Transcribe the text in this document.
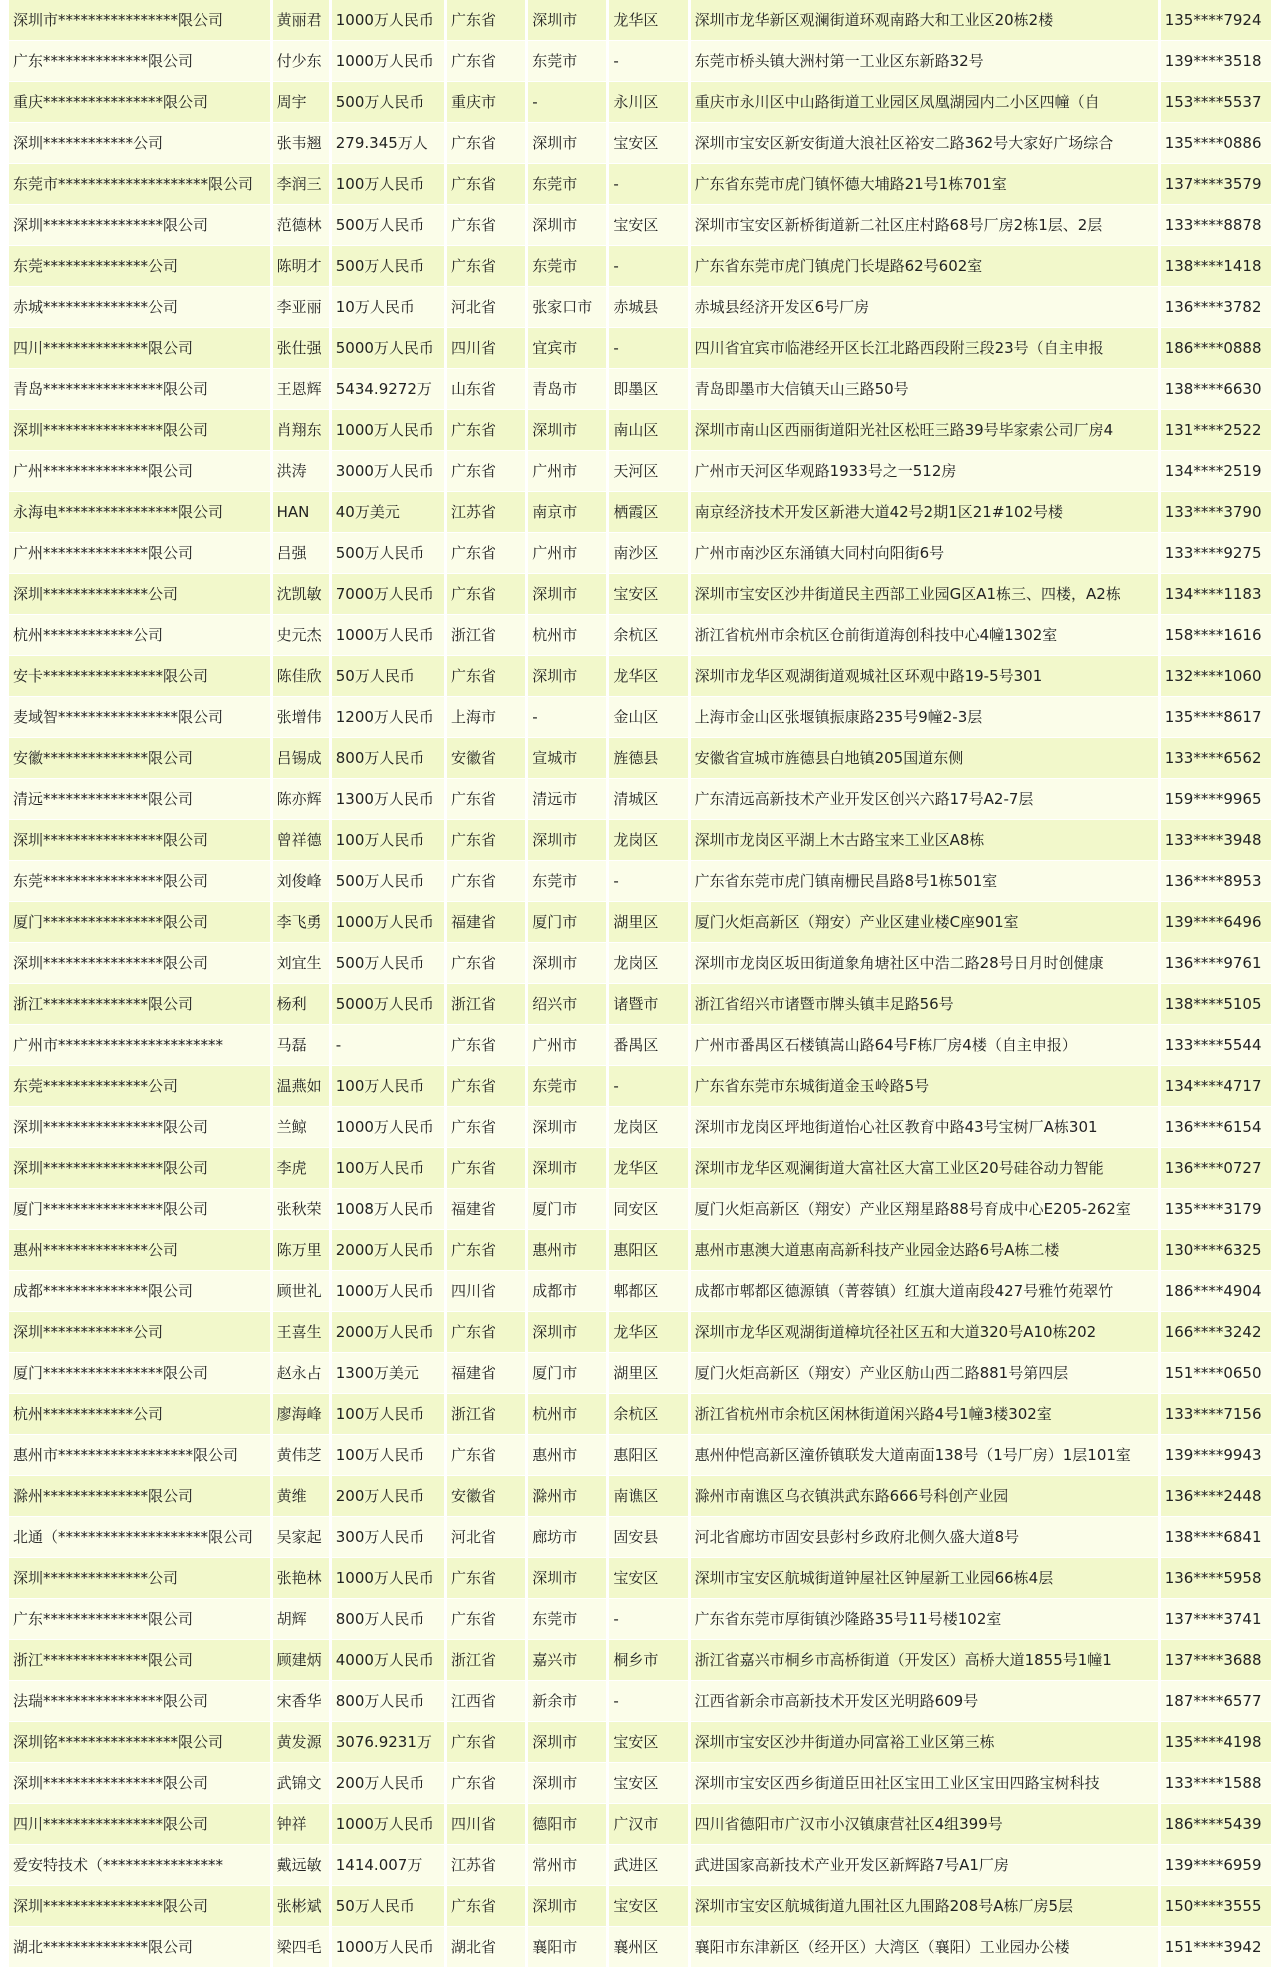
深圳市****************限公司	黄丽君	1000万人民币	广东省	深圳市	龙华区	深圳市龙华新区观澜街道环观南路大和工业区20栋2楼	135****7924
广东**************限公司	付少东	1000万人民币	广东省	东莞市	-	东莞市桥头镇大洲村第一工业区东新路32号	139****3518
重庆****************限公司	周宇	500万人民币	重庆市	-	永川区	重庆市永川区中山路街道工业园区凤凰湖园内二小区四幢（自	153****5537
深圳************公司	张韦翘	279.345万人	广东省	深圳市	宝安区	深圳市宝安区新安街道大浪社区裕安二路362号大家好广场综合	135****0886
东莞市********************限公司	李润三	100万人民币	广东省	东莞市	-	广东省东莞市虎门镇怀德大埔路21号1栋701室	137****3579
深圳****************限公司	范德林	500万人民币	广东省	深圳市	宝安区	深圳市宝安区新桥街道新二社区庄村路68号厂房2栋1层、2层	133****8878
东莞**************公司	陈明才	500万人民币	广东省	东莞市	-	广东省东莞市虎门镇虎门长堤路62号602室	138****1418
赤城**************公司	李亚丽	10万人民币	河北省	张家口市	赤城县	赤城县经济开发区6号厂房	136****3782
四川**************限公司	张仕强	5000万人民币	四川省	宜宾市	-	四川省宜宾市临港经开区长江北路西段附三段23号（自主申报	186****0888
青岛****************限公司	王恩辉	5434.9272万	山东省	青岛市	即墨区	青岛即墨市大信镇天山三路50号	138****6630
深圳****************限公司	肖翔东	1000万人民币	广东省	深圳市	南山区	深圳市南山区西丽街道阳光社区松旺三路39号毕家索公司厂房4	131****2522
广州**************限公司	洪涛	3000万人民币	广东省	广州市	天河区	广州市天河区华观路1933号之一512房	134****2519
永海电****************限公司	HAN	40万美元	江苏省	南京市	栖霞区	南京经济技术开发区新港大道42号2期1区21#102号楼	133****3790
广州**************限公司	吕强	500万人民币	广东省	广州市	南沙区	广州市南沙区东涌镇大同村向阳街6号	133****9275
深圳**************公司	沈凯敏	7000万人民币	广东省	深圳市	宝安区	深圳市宝安区沙井街道民主西部工业园G区A1栋三、四楼，A2栋	134****1183
杭州************公司	史元杰	1000万人民币	浙江省	杭州市	余杭区	浙江省杭州市余杭区仓前街道海创科技中心4幢1302室	158****1616
安卡****************限公司	陈佳欣	50万人民币	广东省	深圳市	龙华区	深圳市龙华区观湖街道观城社区环观中路19-5号301	132****1060
麦域智****************限公司	张增伟	1200万人民币	上海市	-	金山区	上海市金山区张堰镇振康路235号9幢2-3层	135****8617
安徽**************限公司	吕锡成	800万人民币	安徽省	宣城市	旌德县	安徽省宣城市旌德县白地镇205国道东侧	133****6562
清远**************限公司	陈亦辉	1300万人民币	广东省	清远市	清城区	广东清远高新技术产业开发区创兴六路17号A2-7层	159****9965
深圳****************限公司	曾祥德	100万人民币	广东省	深圳市	龙岗区	深圳市龙岗区平湖上木古路宝来工业区A8栋	133****3948
东莞****************限公司	刘俊峰	500万人民币	广东省	东莞市	-	广东省东莞市虎门镇南栅民昌路8号1栋501室	136****8953
厦门****************限公司	李飞勇	1000万人民币	福建省	厦门市	湖里区	厦门火炬高新区（翔安）产业区建业楼C座901室	139****6496
深圳****************限公司	刘宜生	500万人民币	广东省	深圳市	龙岗区	深圳市龙岗区坂田街道象角塘社区中浩二路28号日月时创健康	136****9761
浙江**************限公司	杨利	5000万人民币	浙江省	绍兴市	诸暨市	浙江省绍兴市诸暨市牌头镇丰足路56号	138****5105
广州市**********************	马磊	-	广东省	广州市	番禺区	广州市番禺区石楼镇嵩山路64号F栋厂房4楼（自主申报）	133****5544
东莞**************公司	温燕如	100万人民币	广东省	东莞市	-	广东省东莞市东城街道金玉岭路5号	134****4717
深圳****************限公司	兰鲸	1000万人民币	广东省	深圳市	龙岗区	深圳市龙岗区坪地街道怡心社区教育中路43号宝树厂A栋301	136****6154
深圳****************限公司	李虎	100万人民币	广东省	深圳市	龙华区	深圳市龙华区观澜街道大富社区大富工业区20号硅谷动力智能	136****0727
厦门****************限公司	张秋荣	1008万人民币	福建省	厦门市	同安区	厦门火炬高新区（翔安）产业区翔星路88号育成中心E205-262室	135****3179
惠州**************公司	陈万里	2000万人民币	广东省	惠州市	惠阳区	惠州市惠澳大道惠南高新科技产业园金达路6号A栋二楼	130****6325
成都**************限公司	顾世礼	1000万人民币	四川省	成都市	郫都区	成都市郫都区德源镇（菁蓉镇）红旗大道南段427号雅竹苑翠竹	186****4904
深圳************公司	王喜生	2000万人民币	广东省	深圳市	龙华区	深圳市龙华区观湖街道樟坑径社区五和大道320号A10栋202	166****3242
厦门****************限公司	赵永占	1300万美元	福建省	厦门市	湖里区	厦门火炬高新区（翔安）产业区舫山西二路881号第四层	151****0650
杭州************公司	廖海峰	100万人民币	浙江省	杭州市	余杭区	浙江省杭州市余杭区闲林街道闲兴路4号1幢3楼302室	133****7156
惠州市******************限公司	黄伟芝	100万人民币	广东省	惠州市	惠阳区	惠州仲恺高新区潼侨镇联发大道南面138号（1号厂房）1层101室	139****9943
滁州**************限公司	黄维	200万人民币	安徽省	滁州市	南谯区	滁州市南谯区乌衣镇洪武东路666号科创产业园	136****2448
北通（********************限公司	吴家起	300万人民币	河北省	廊坊市	固安县	河北省廊坊市固安县彭村乡政府北侧久盛大道8号	138****6841
深圳**************公司	张艳林	1000万人民币	广东省	深圳市	宝安区	深圳市宝安区航城街道钟屋社区钟屋新工业园66栋4层	136****5958
广东**************限公司	胡辉	800万人民币	广东省	东莞市	-	广东省东莞市厚街镇沙隆路35号11号楼102室	137****3741
浙江**************限公司	顾建炳	4000万人民币	浙江省	嘉兴市	桐乡市	浙江省嘉兴市桐乡市高桥街道（开发区）高桥大道1855号1幢1	137****3688
法瑞****************限公司	宋香华	800万人民币	江西省	新余市	-	江西省新余市高新技术开发区光明路609号	187****6577
深圳铭****************限公司	黄发源	3076.9231万	广东省	深圳市	宝安区	深圳市宝安区沙井街道办同富裕工业区第三栋	135****4198
深圳****************限公司	武锦文	200万人民币	广东省	深圳市	宝安区	深圳市宝安区西乡街道臣田社区宝田工业区宝田四路宝树科技	133****1588
四川****************限公司	钟祥	1000万人民币	四川省	德阳市	广汉市	四川省德阳市广汉市小汉镇康营社区4组399号	186****5439
爱安特技术（****************	戴远敏	1414.007万	江苏省	常州市	武进区	武进国家高新技术产业开发区新辉路7号A1厂房	139****6959
深圳****************限公司	张彬斌	50万人民币	广东省	深圳市	宝安区	深圳市宝安区航城街道九围社区九围路208号A栋厂房5层	150****3555
湖北**************限公司	梁四毛	1000万人民币	湖北省	襄阳市	襄州区	襄阳市东津新区（经开区）大湾区（襄阳）工业园办公楼	151****3942
